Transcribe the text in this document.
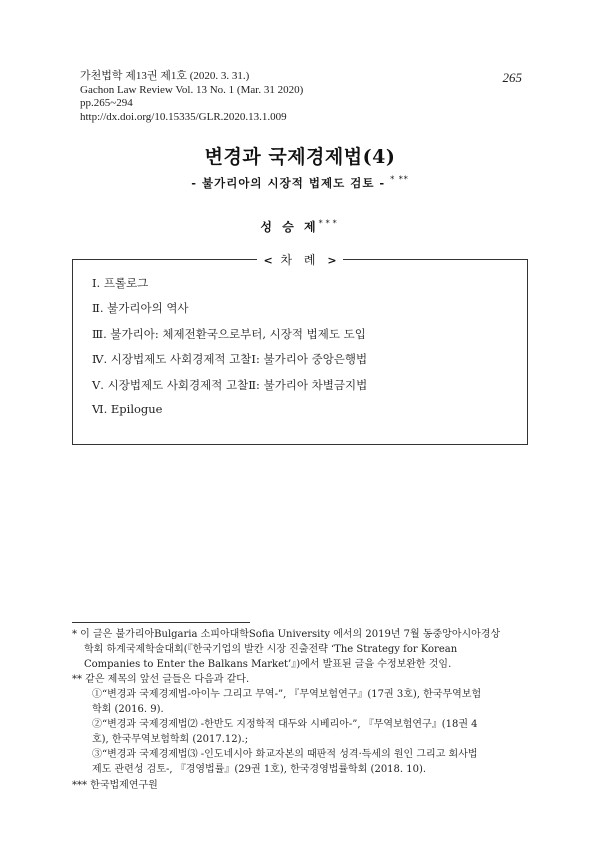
가천법학 제13권 제1호 (2020. 3. 31.)
Gachon Law Review Vol. 13 No. 1 (Mar. 31 2020)
pp.265~294
http://dx.doi.org/10.15335/GLR.2020.13.1.009
265
변경과 국제경제법(4)
- 불가리아의 시장적 법제도 검토 - * **
성 승 제***
< 차 례 >
Ⅰ. 프롤로그
Ⅱ. 불가리아의 역사
Ⅲ. 불가리아: 체제전환국으로부터, 시장적 법제도 도입
Ⅳ. 시장법제도 사회경제적 고찰Ⅰ: 불가리아 중앙은행법
Ⅴ. 시장법제도 사회경제적 고찰Ⅱ: 불가리아 차별금지법
Ⅵ. Epilogue
* 이 글은 불가리아Bulgaria 소피아대학Sofia University 에서의 2019년 7월 동중앙아시아경상
학회 하계국제학술대회(『한국기업의 발칸 시장 진출전략 ‘The Strategy for Korean
Companies to Enter the Balkans Market’』)에서 발표된 글을 수정보완한 것임.
** 같은 제목의 앞선 글들은 다음과 같다.
①“변경과 국제경제법-아이누 그리고 무역-”, 『무역보험연구』(17권 3호), 한국무역보험
학회 (2016. 9).
②“변경과 국제경제법⑵ -한반도 지정학적 대두와 시베리아-”, 『무역보험연구』(18권 4
호), 한국무역보험학회 (2017.12).;
③“변경과 국제경제법⑶ -인도네시아 화교자본의 때판적 성격·득세의 원인 그리고 회사법
제도 관련성 검토-, 『경영법률』(29권 1호), 한국경영법률학회 (2018. 10).
*** 한국법제연구원
